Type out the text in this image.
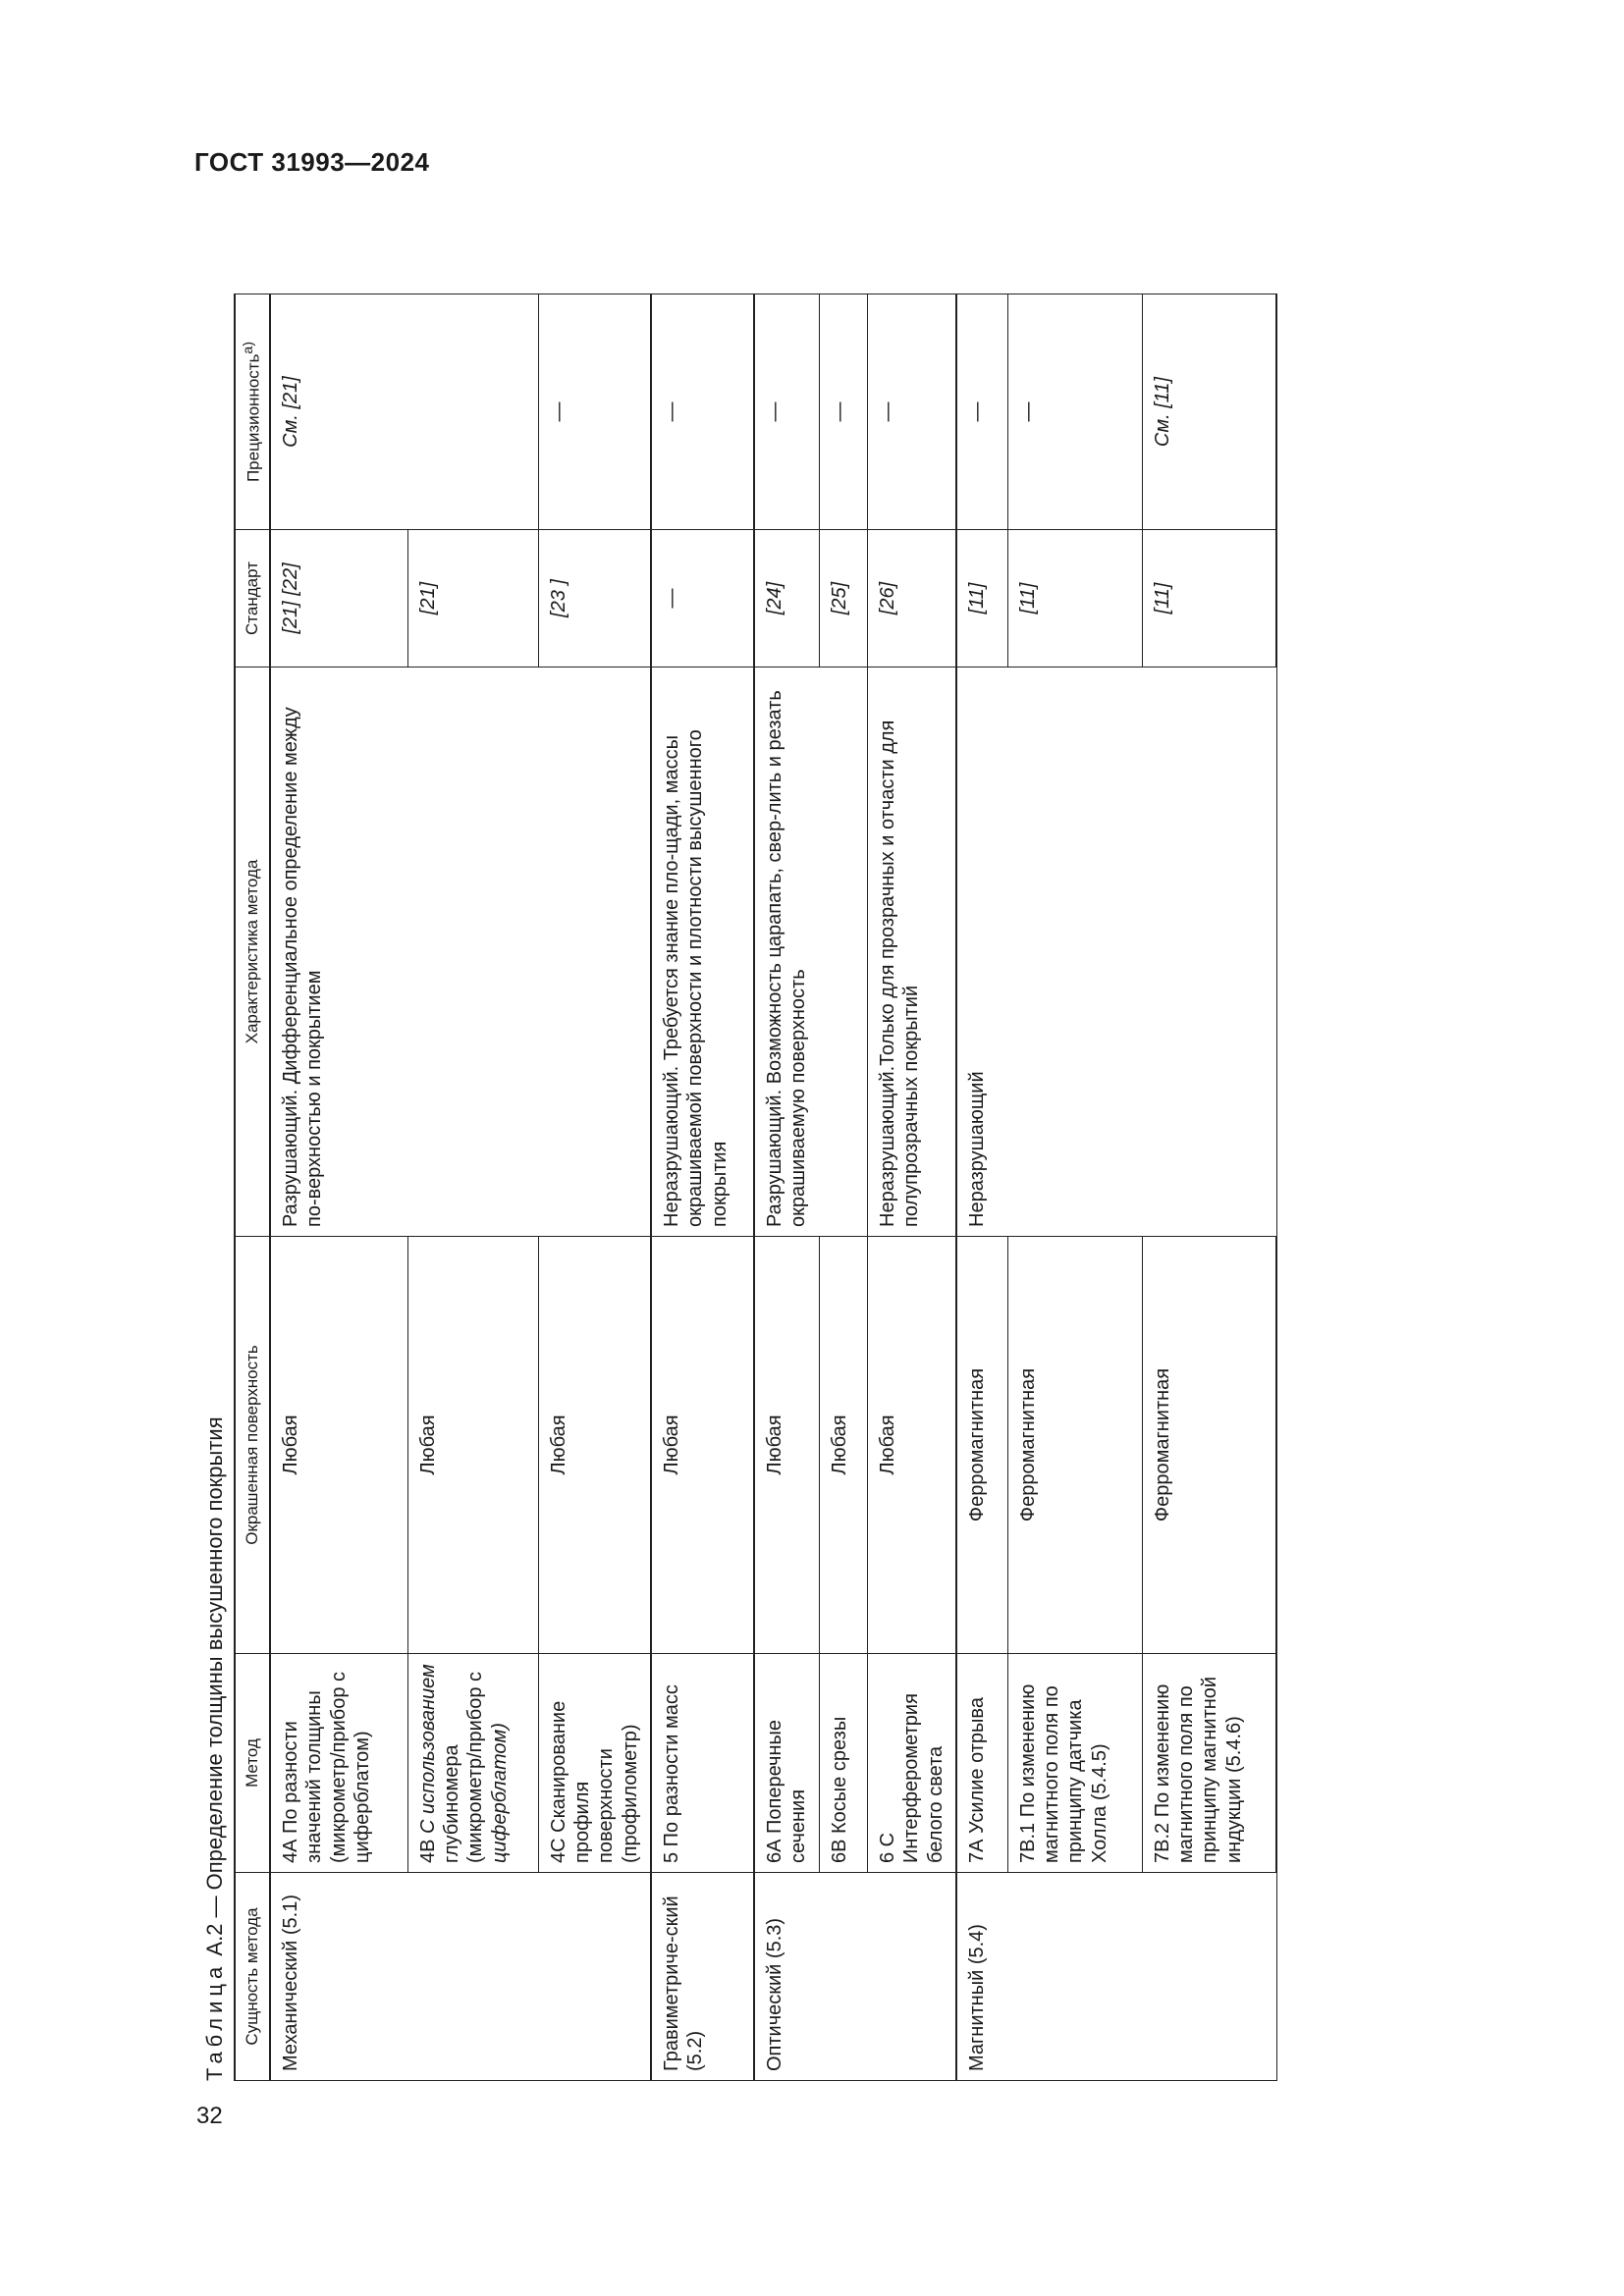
ГОСТ 31993—2024
32
Таблица А.2 — Определение толщины высушенного покрытия
Сущность метода	Метод	Окрашенная поверхность	Характеристика метода	Стандарт	Прецизионность$^{a)}$
Механический (5.1)	4А По разности значений толщины (микрометр/прибор с циферблатом)	Любая	Разрушающий. Дифференциальное определение между по-верхностью и покрытием	[21] [22]	См. [21]
	4В С использованием глубиномера (микрометр/прибор с циферблатом)	Любая		[21]	
	4С Сканирование профиля поверхности (профилометр)	Любая		[23 ]	—
Гравиметриче-ский (5.2)	5 По разности масс	Любая	Неразрушающий. Требуется знание пло-щади, массы окрашиваемой поверхности и плотности высушенного покрытия	—	—
Оптический (5.3)	6А Поперечные сечения	Любая	Разрушающий. Возможность царапать, свер-лить и резать окрашиваемую поверхность	[24]	—
	6В Косые срезы	Любая		[25]	—
	6 С Интерферометрия белого света	Любая	Неразрушающий.Только для прозрачных и отчасти для полупрозрачных покрытий	[26]	—
Магнитный (5.4)	7А Усилие отрыва	Ферромагнитная	Неразрушающий	[11]	—
	7В.1 По изменению магнитного поля по принципу датчика Холла (5.4.5)	Ферромагнитная		[11]	—
	7В.2 По изменению магнитного поля по принципу магнитной индукции (5.4.6)	Ферромагнитная		[11]	См. [11]
